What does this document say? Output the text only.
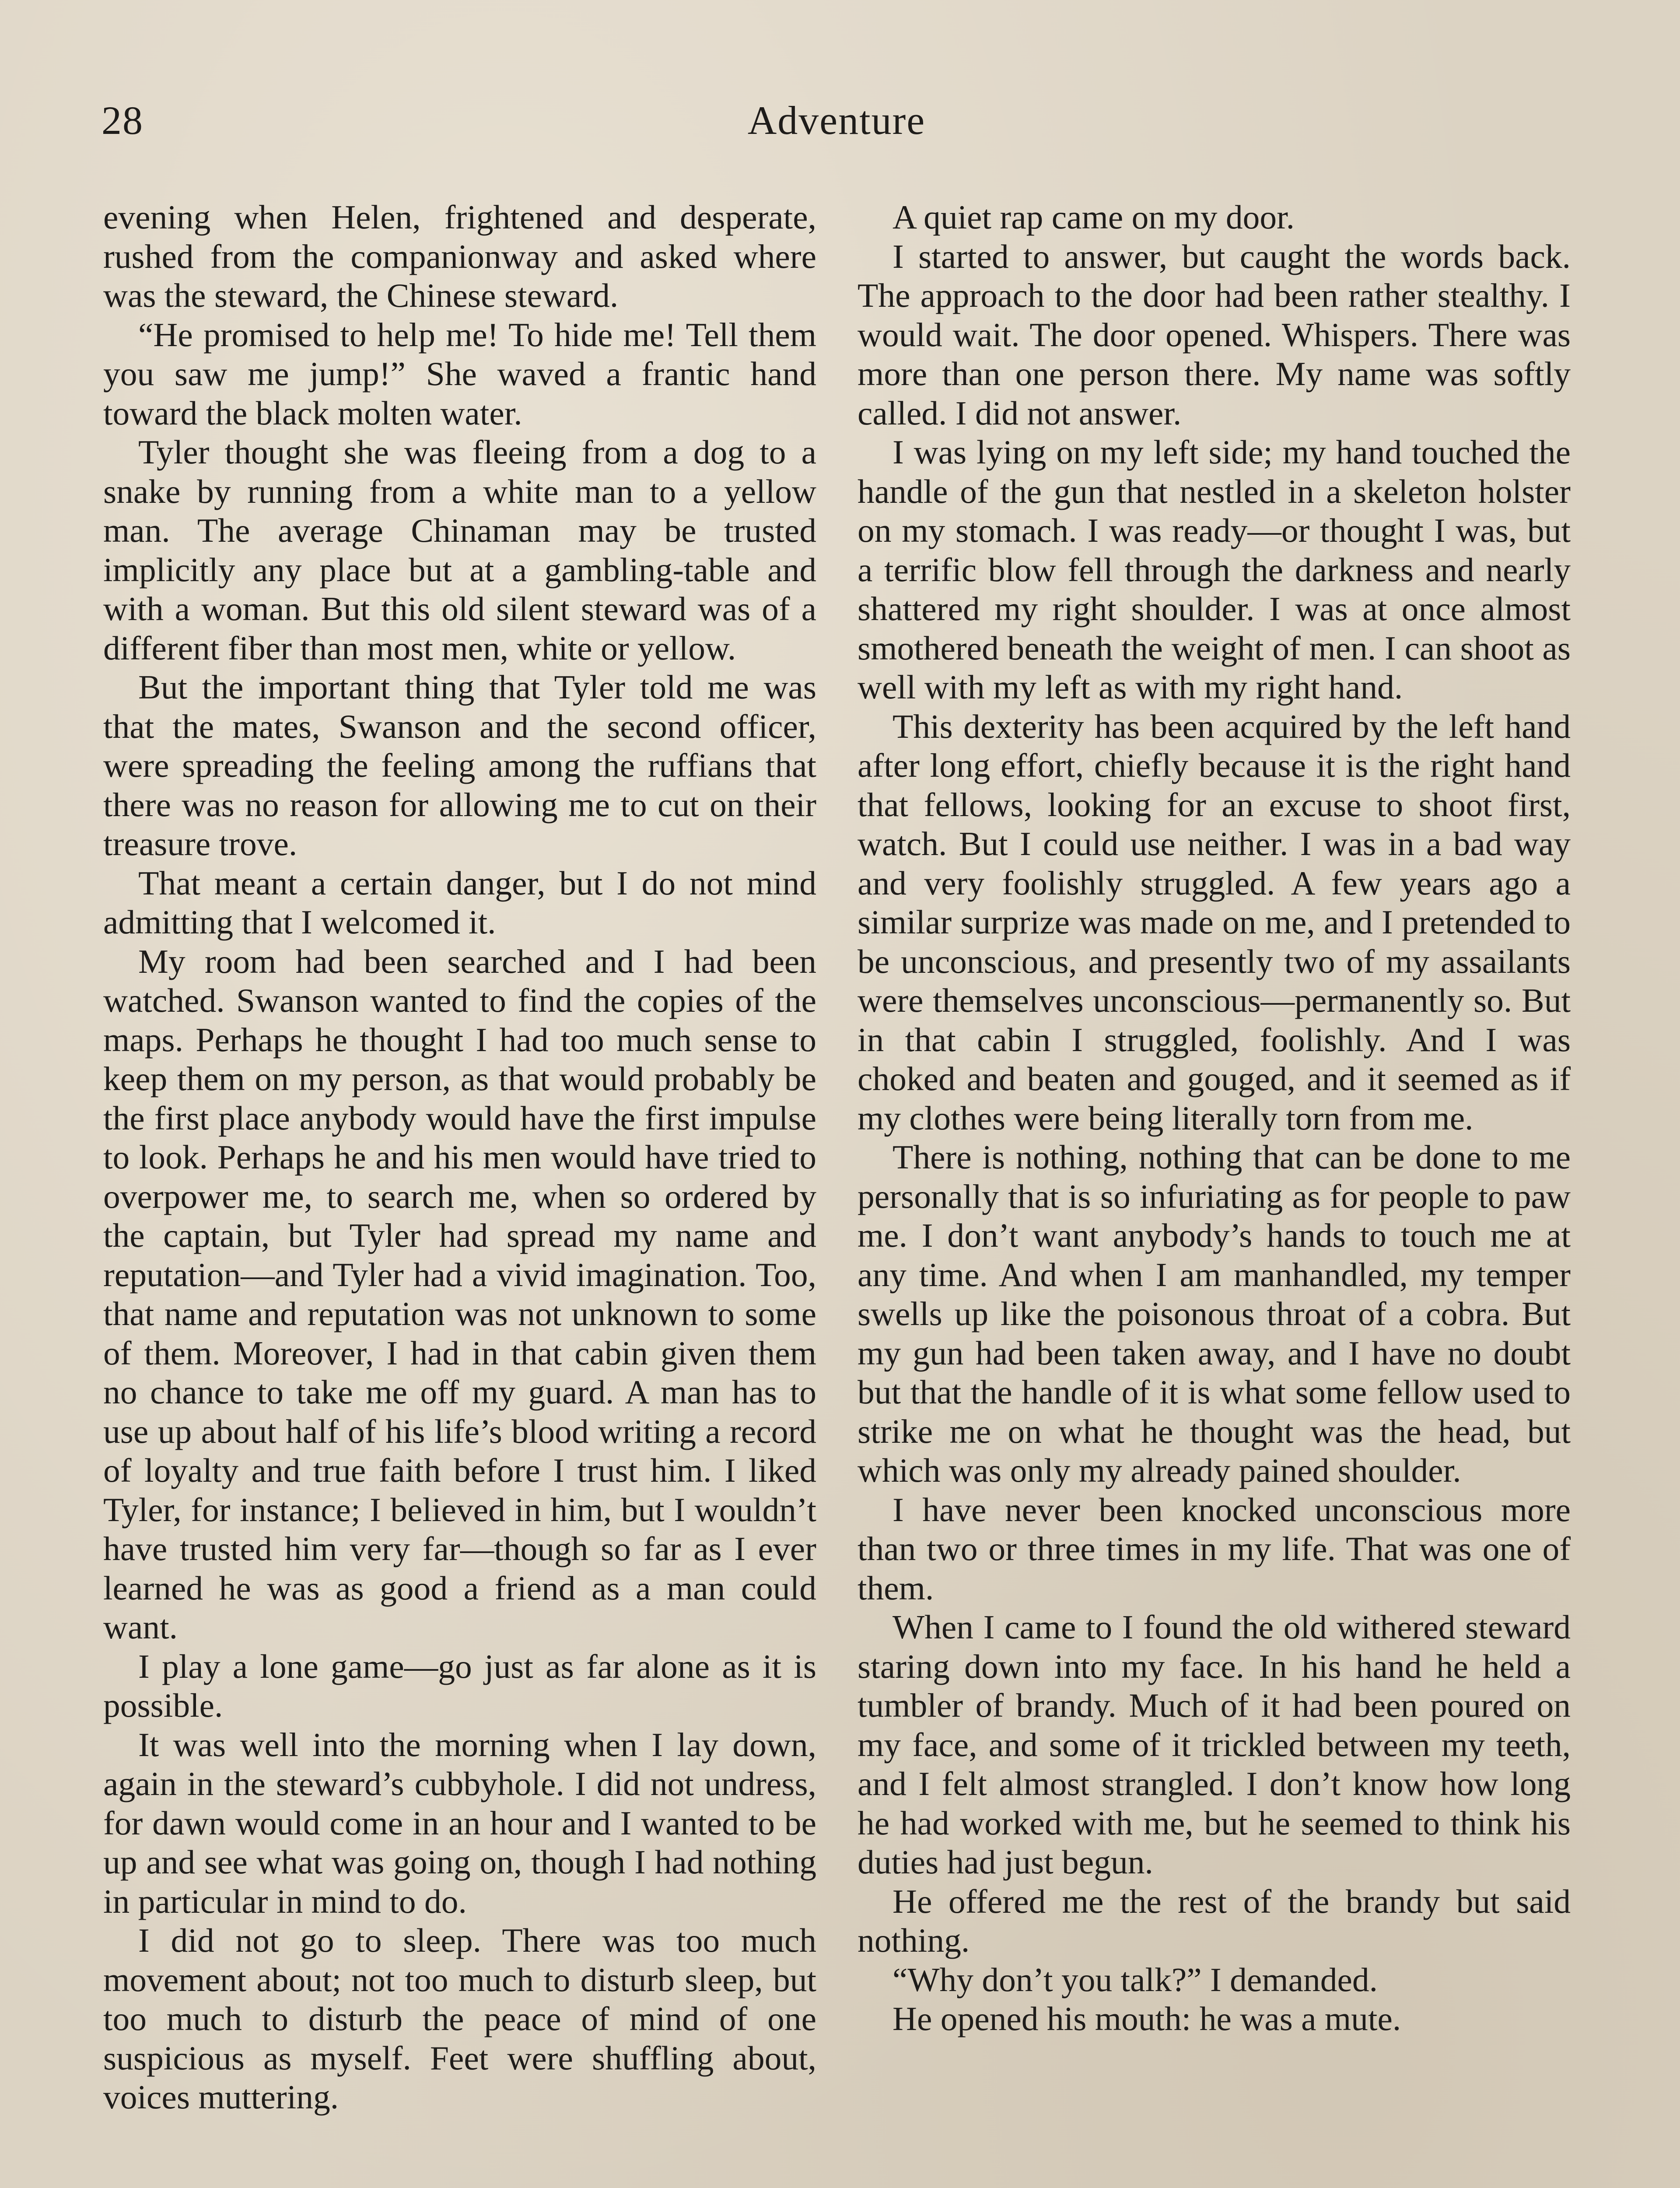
28	Adventure

evening when Helen, frightened and desperate, rushed from the companionway and asked where was the steward, the Chinese steward.

“He promised to help me! To hide me! Tell them you saw me jump!” She waved a frantic hand toward the black molten water.

Tyler thought she was fleeing from a dog to a snake by running from a white man to a yellow man. The average Chinaman may be trusted implicitly any place but at a gambling-table and with a woman. But this old silent steward was of a different fiber than most men, white or yellow.

But the important thing that Tyler told me was that the mates, Swanson and the second officer, were spreading the feeling among the ruffians that there was no reason for allowing me to cut on their treasure trove.

That meant a certain danger, but I do not mind admitting that I welcomed it.

My room had been searched and I had been watched. Swanson wanted to find the copies of the maps. Perhaps he thought I had too much sense to keep them on my person, as that would probably be the first place anybody would have the first impulse to look. Perhaps he and his men would have tried to overpower me, to search me, when so ordered by the captain, but Tyler had spread my name and reputation—and Tyler had a vivid imagination. Too, that name and reputation was not unknown to some of them. Moreover, I had in that cabin given them no chance to take me off my guard. A man has to use up about half of his life’s blood writing a record of loyalty and true faith before I trust him. I liked Tyler, for instance; I believed in him, but I wouldn’t have trusted him very far—though so far as I ever learned he was as good a friend as a man could want.

I play a lone game—go just as far alone as it is possible.

It was well into the morning when I lay down, again in the steward’s cubbyhole. I did not undress, for dawn would come in an hour and I wanted to be up and see what was going on, though I had nothing in particular in mind to do.

I did not go to sleep. There was too much movement about; not too much to disturb sleep, but too much to disturb the peace of mind of one suspicious as myself. Feet were shuffling about, voices muttering.

A quiet rap came on my door.

I started to answer, but caught the words back. The approach to the door had been rather stealthy. I would wait. The door opened. Whispers. There was more than one person there. My name was softly called. I did not answer.

I was lying on my left side; my hand touched the handle of the gun that nestled in a skeleton holster on my stomach. I was ready—or thought I was, but a terrific blow fell through the darkness and nearly shattered my right shoulder. I was at once almost smothered beneath the weight of men. I can shoot as well with my left as with my right hand.

This dexterity has been acquired by the left hand after long effort, chiefly because it is the right hand that fellows, looking for an excuse to shoot first, watch. But I could use neither. I was in a bad way and very foolishly struggled. A few years ago a similar surprize was made on me, and I pretended to be unconscious, and presently two of my assailants were themselves unconscious—permanently so. But in that cabin I struggled, foolishly. And I was choked and beaten and gouged, and it seemed as if my clothes were being literally torn from me.

There is nothing, nothing that can be done to me personally that is so infuriating as for people to paw me. I don’t want anybody’s hands to touch me at any time. And when I am manhandled, my temper swells up like the poisonous throat of a cobra. But my gun had been taken away, and I have no doubt but that the handle of it is what some fellow used to strike me on what he thought was the head, but which was only my already pained shoulder.

I have never been knocked unconscious more than two or three times in my life. That was one of them.

When I came to I found the old withered steward staring down into my face. In his hand he held a tumbler of brandy. Much of it had been poured on my face, and some of it trickled between my teeth, and I felt almost strangled. I don’t know how long he had worked with me, but he seemed to think his duties had just begun.

He offered me the rest of the brandy but said nothing.

“Why don’t you talk?” I demanded.

He opened his mouth: he was a mute.
